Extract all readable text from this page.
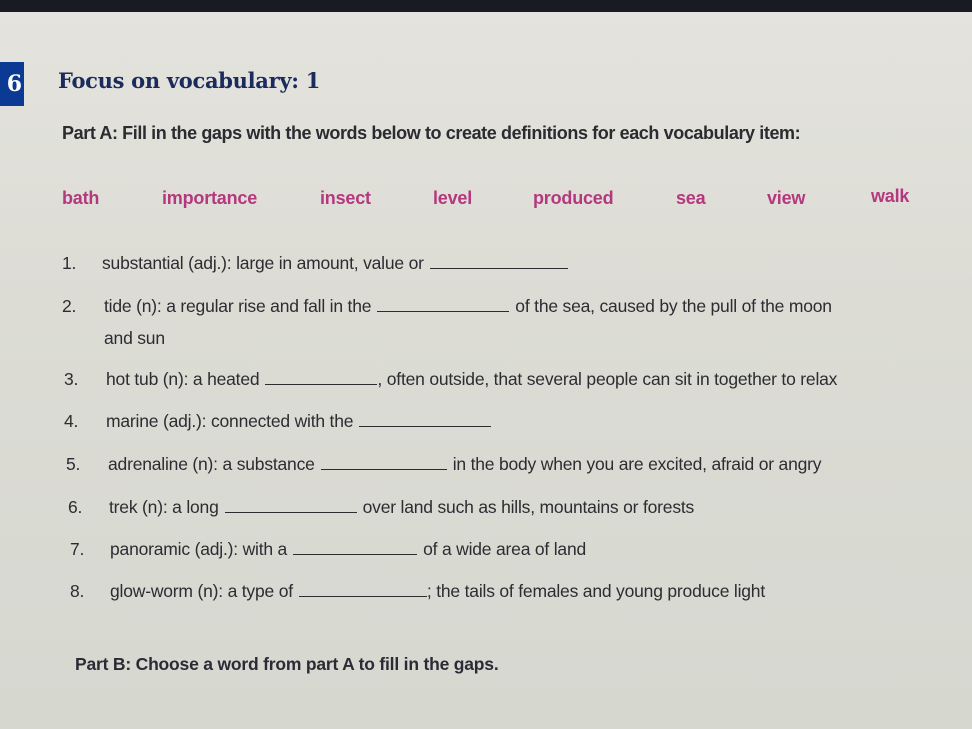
6 Focus on vocabulary: 1
Part A: Fill in the gaps with the words below to create definitions for each vocabulary item:
bath	importance	insect	level	produced	sea	view	walk
1. substantial (adj.): large in amount, value or
2. tide (n): a regular rise and fall in the	of the sea, caused by the pull of the moon
and sun
3. hot tub (n): a heated	, often outside, that several people can sit in together to relax
4. marine (adj.): connected with the
5. adrenaline (n): a substance	in the body when you are excited, afraid or angry
6. trek (n): a long	over land such as hills, mountains or forests
7. panoramic (adj.): with a	of a wide area of land
8. glow-worm (n): a type of	; the tails of females and young produce light
Part B: Choose a word from part A to fill in the gaps.
